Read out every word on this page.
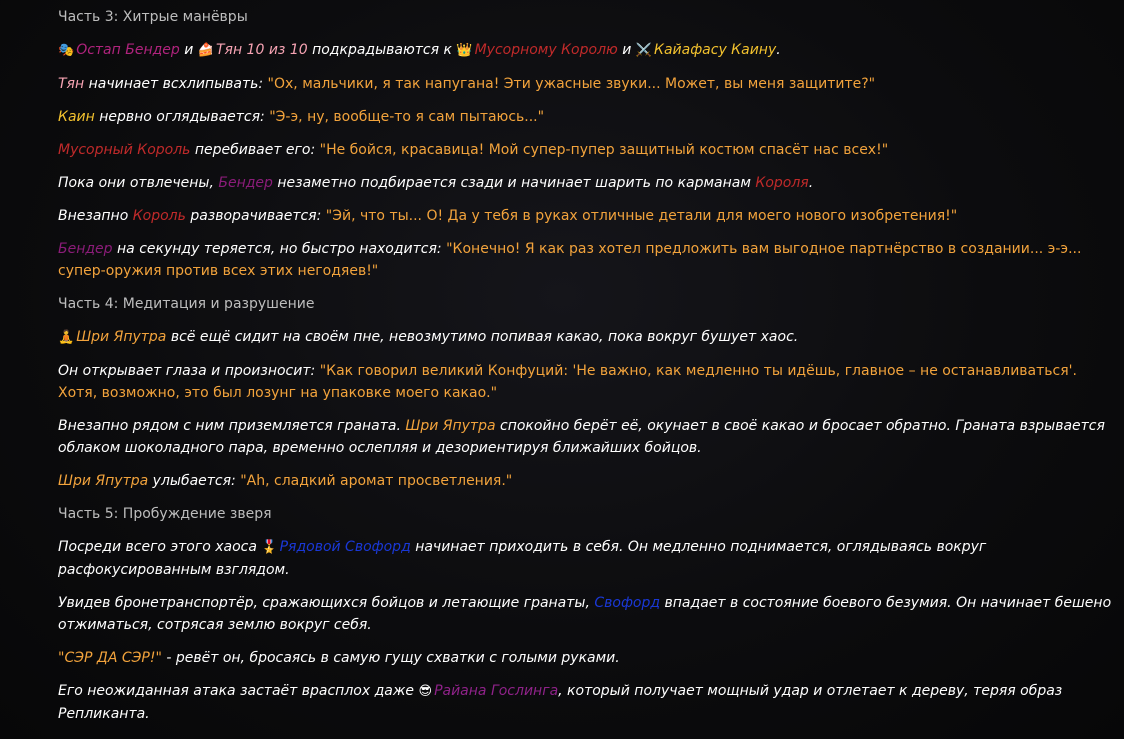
Часть 3: Хитрые манёвры

🎭 Остап Бендер и 🍰 Тян 10 из 10 подкрадываются к 👑 Мусорному Королю и ⚔️ Кайафасу Каину.

Тян начинает всхлипывать: "Ох, мальчики, я так напугана! Эти ужасные звуки... Может, вы меня защитите?"

Каин нервно оглядывается: "Э-э, ну, вообще-то я сам пытаюсь..."

Мусорный Король перебивает его: "Не бойся, красавица! Мой супер-пупер защитный костюм спасёт нас всех!"

Пока они отвлечены, Бендер незаметно подбирается сзади и начинает шарить по карманам Короля.

Внезапно Король разворачивается: "Эй, что ты... О! Да у тебя в руках отличные детали для моего нового изобретения!"

Бендер на секунду теряется, но быстро находится: "Конечно! Я как раз хотел предложить вам выгодное партнёрство в создании... э-э... супер-оружия против всех этих негодяев!"

Часть 4: Медитация и разрушение

🧘 Шри Япутра всё ещё сидит на своём пне, невозмутимо попивая какао, пока вокруг бушует хаос.

Он открывает глаза и произносит: "Как говорил великий Конфуций: 'Не важно, как медленно ты идёшь, главное – не останавливаться'. Хотя, возможно, это был лозунг на упаковке моего какао."

Внезапно рядом с ним приземляется граната. Шри Япутра спокойно берёт её, окунает в своё какао и бросает обратно. Граната взрывается облаком шоколадного пара, временно ослепляя и дезориентируя ближайших бойцов.

Шри Япутра улыбается: "Ah, сладкий аромат просветления."

Часть 5: Пробуждение зверя

Посреди всего этого хаоса 🎖️ Рядовой Свофорд начинает приходить в себя. Он медленно поднимается, оглядываясь вокруг расфокусированным взглядом.

Увидев бронетранспортёр, сражающихся бойцов и летающие гранаты, Свофорд впадает в состояние боевого безумия. Он начинает бешено отжиматься, сотрясая землю вокруг себя.

"СЭР ДА СЭР!" - ревёт он, бросаясь в самую гущу схватки с голыми руками.

Его неожиданная атака застаёт врасплох даже 😎 Райана Гослинга, который получает мощный удар и отлетает к дереву, теряя образ Репликанта.
